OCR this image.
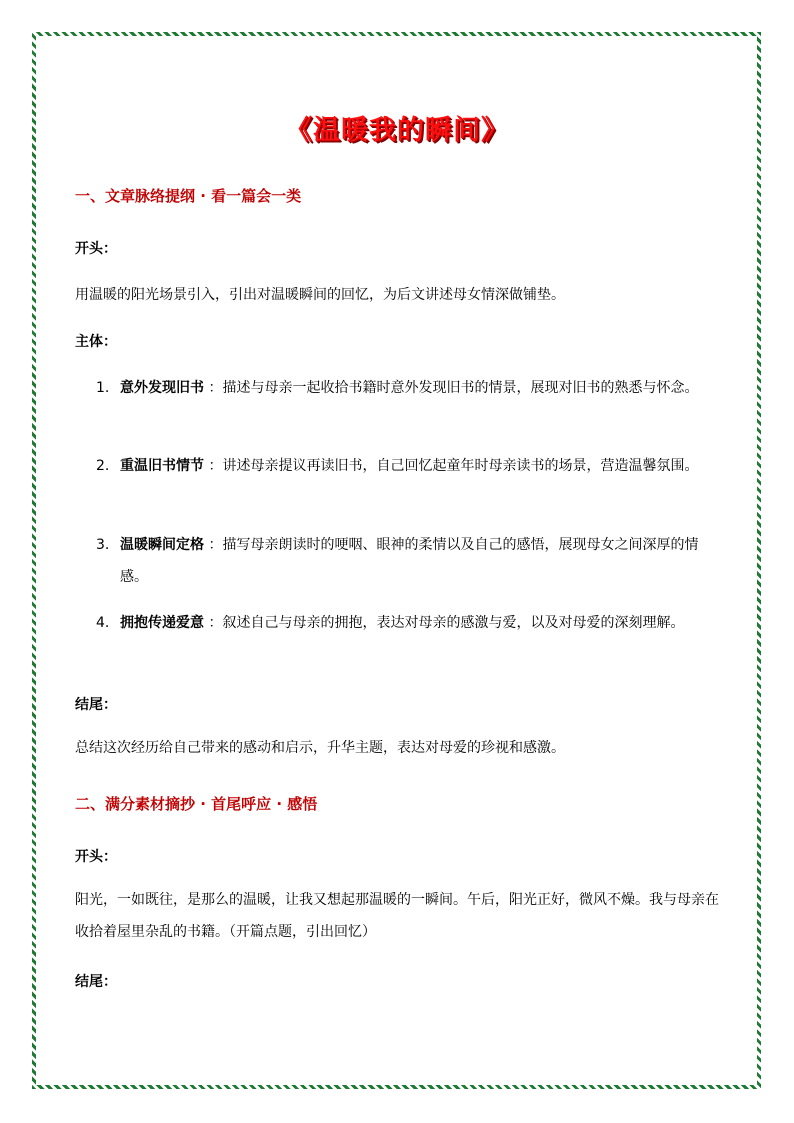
《温暖我的瞬间》
一、文章脉络提纲 · 看一篇会一类
开头：
用温暖的阳光场景引入，引出对温暖瞬间的回忆，为后文讲述母女情深做铺垫。
主体：
1. 意外发现旧书 ：描述与母亲一起收拾书籍时意外发现旧书的情景，展现对旧书的熟悉与怀念。
2. 重温旧书情节 ：讲述母亲提议再读旧书，自己回忆起童年时母亲读书的场景，营造温馨氛围。
3. 温暖瞬间定格 ：描写母亲朗读时的哽咽、眼神的柔情以及自己的感悟，展现母女之间深厚的情感。
4. 拥抱传递爱意 ：叙述自己与母亲的拥抱，表达对母亲的感激与爱，以及对母爱的深刻理解。
结尾：
总结这次经历给自己带来的感动和启示，升华主题，表达对母爱的珍视和感激。
二、满分素材摘抄 · 首尾呼应 · 感悟
开头：
阳光，一如既往，是那么的温暖，让我又想起那温暖的一瞬间。午后，阳光正好，微风不燥。我与母亲在收拾着屋里杂乱的书籍。（开篇点题，引出回忆）
结尾：
